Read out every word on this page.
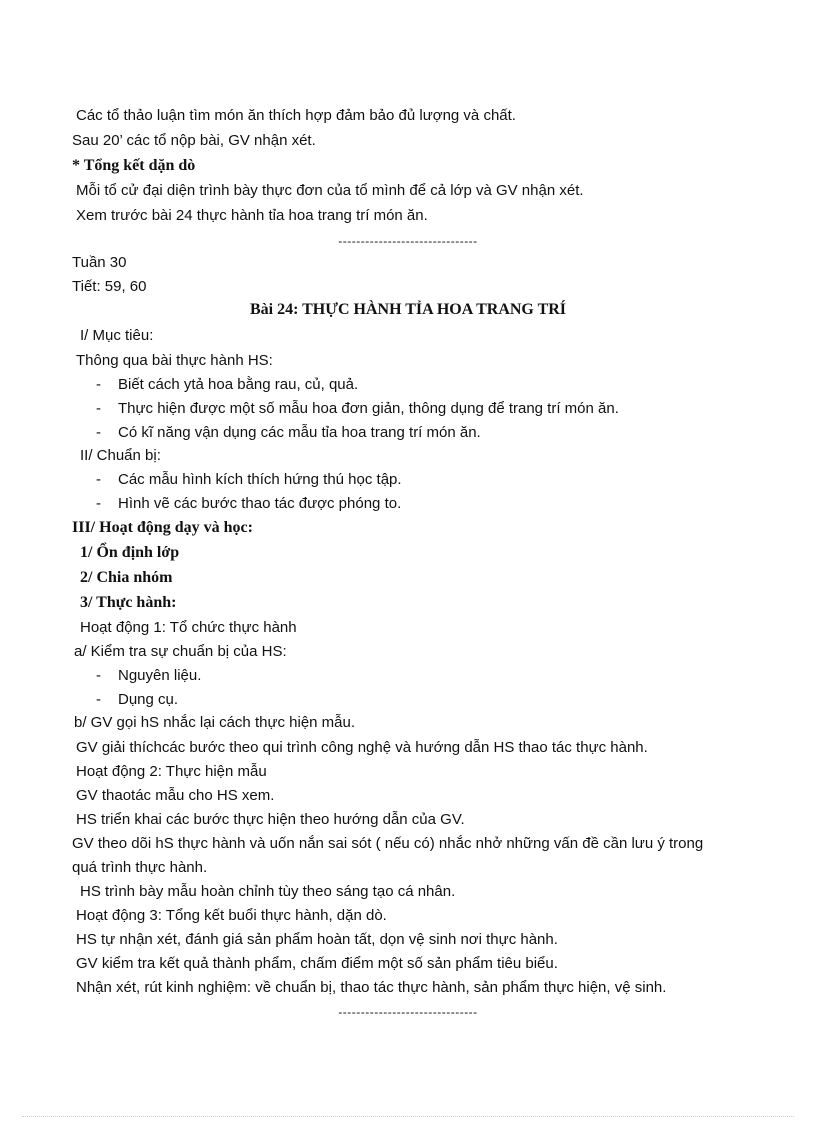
Các tổ thảo luận tìm món ăn thích hợp đảm bảo đủ lượng và chất.
Sau 20’ các tổ nộp bài, GV nhận xét.
* Tổng kết dặn dò
Mỗi tổ cử đại diện trình bày thực đơn của tổ mình để cả lớp và GV nhận xét.
Xem trước bài 24 thực hành tỉa hoa trang trí món ăn.
-------------------------------
Tuần 30
Tiết: 59, 60
Bài 24: THỰC HÀNH TỈA HOA TRANG TRÍ
I/ Mục tiêu:
Thông qua bài thực hành HS:
- Biết cách ytả hoa bằng rau, củ, quả.
- Thực hiện được một số mẫu hoa đơn giản, thông dụng để trang trí món ăn.
- Có kĩ năng vận dụng các mẫu tỉa hoa trang trí món ăn.
II/ Chuẩn bị:
- Các mẫu hình kích thích hứng thú học tập.
- Hình vẽ các bước thao tác được phóng to.
III/ Hoạt động dạy và học:
1/ Ổn định lớp
2/ Chia nhóm
3/ Thực hành:
Hoạt động 1: Tổ chức thực hành
a/ Kiểm tra sự chuẩn bị của HS:
- Nguyên liệu.
- Dụng cụ.
b/ GV gọi hS nhắc lại cách thực hiện mẫu.
GV giải thíchcác bước theo qui trình công nghệ và hướng dẫn HS thao tác thực hành.
Hoạt động 2: Thực hiện mẫu
GV thaotác mẫu cho HS xem.
HS triển khai các bước thực hiện theo hướng dẫn của GV.
GV theo dõi hS thực hành và uốn nắn sai sót ( nếu có) nhắc nhở những vấn đề cần lưu ý trong
quá trình thực hành.
HS trình bày mẫu hoàn chỉnh tùy theo sáng tạo cá nhân.
Hoạt động 3: Tổng kết buổi thực hành, dặn dò.
HS tự nhận xét, đánh giá sản phẩm hoàn tất, dọn vệ sinh nơi thực hành.
GV kiểm tra kết quả thành phẩm, chấm điểm một số sản phẩm tiêu biểu.
Nhận xét, rút kinh nghiệm: về chuẩn bị, thao tác thực hành, sản phẩm thực hiện, vệ sinh.
-------------------------------
